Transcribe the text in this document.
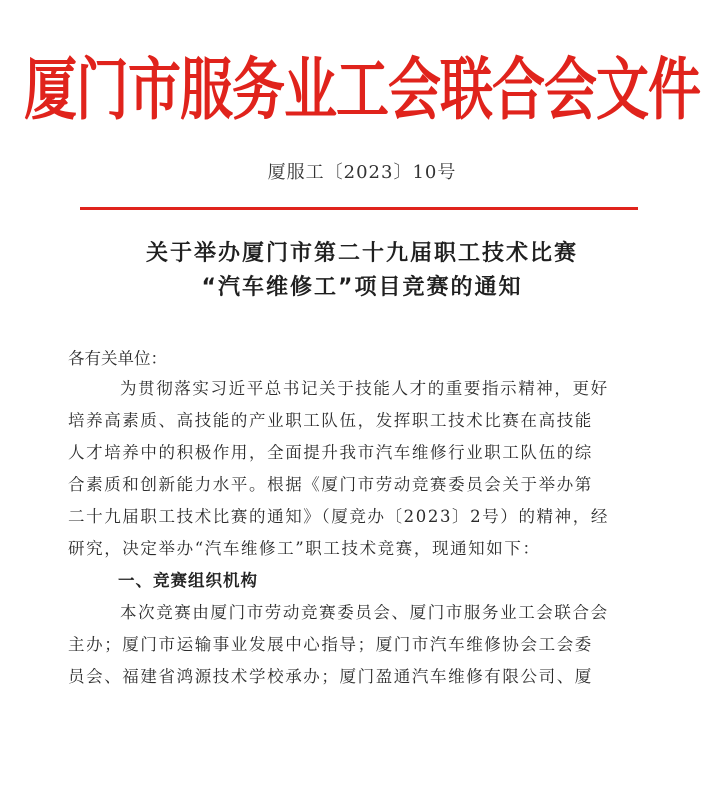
厦门市服务业工会联合会文件
厦服工〔2023〕10号
关于举办厦门市第二十九届职工技术比赛
“汽车维修工”项目竞赛的通知
各有关单位：
为贯彻落实习近平总书记关于技能人才的重要指示精神，更好
培养高素质、高技能的产业职工队伍，发挥职工技术比赛在高技能
人才培养中的积极作用，全面提升我市汽车维修行业职工队伍的综
合素质和创新能力水平。根据《厦门市劳动竞赛委员会关于举办第
二十九届职工技术比赛的通知》（厦竞办〔2023〕2号）的精神，经
研究，决定举办“汽车维修工”职工技术竞赛，现通知如下：
一、竞赛组织机构
本次竞赛由厦门市劳动竞赛委员会、厦门市服务业工会联合会
主办；厦门市运输事业发展中心指导；厦门市汽车维修协会工会委
员会、福建省鸿源技术学校承办；厦门盈通汽车维修有限公司、厦
